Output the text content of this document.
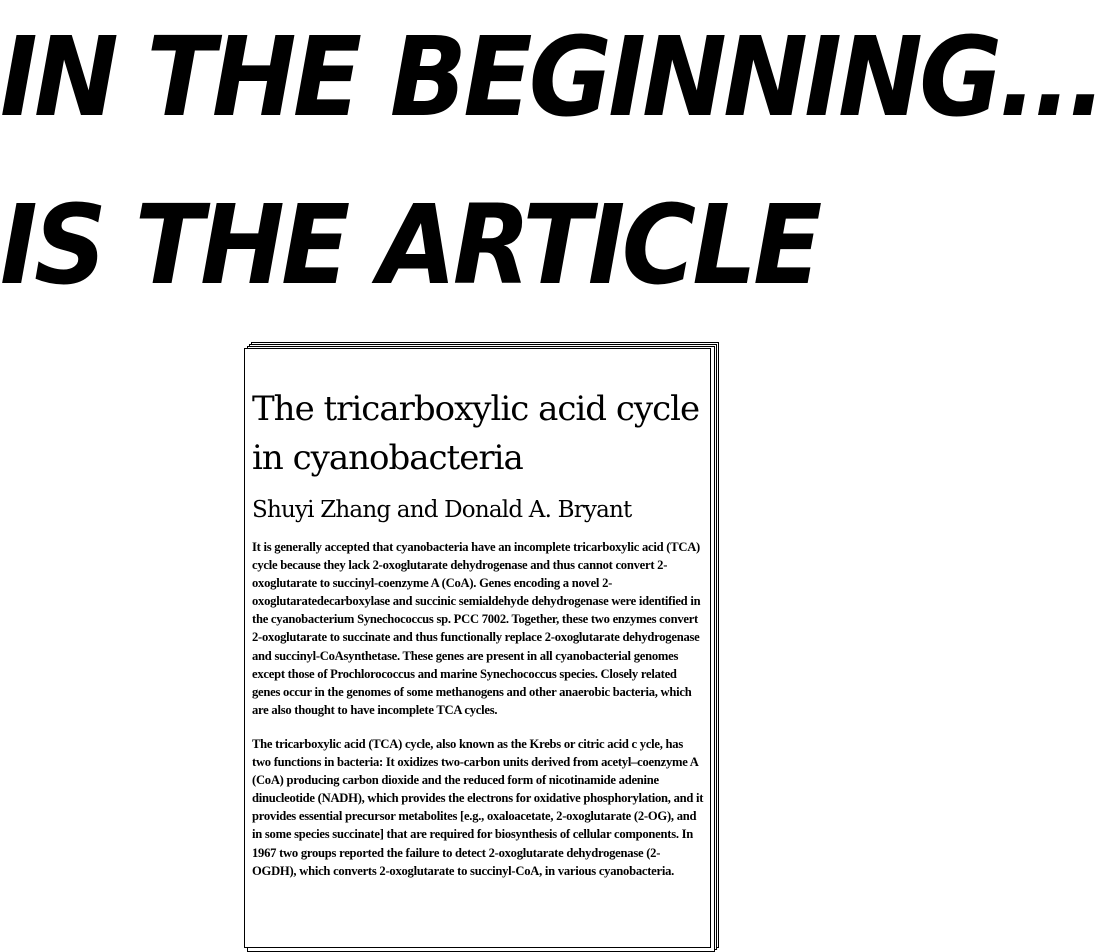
IN THE BEGINNING...
IS THE ARTICLE
The tricarboxylic acid cycle in cyanobacteria
Shuyi Zhang and Donald A. Bryant

It is generally accepted that cyanobacteria have an incomplete tricarboxylic acid (TCA) cycle because they lack 2-oxoglutarate dehydrogenase and thus cannot convert 2-oxoglutarate to succinyl-coenzyme A (CoA). Genes encoding a novel 2-oxoglutaratedecarboxylase and succinic semialdehyde dehydrogenase were identified in the cyanobacterium Synechococcus sp. PCC 7002. Together, these two enzymes convert 2-oxoglutarate to succinate and thus functionally replace 2-oxoglutarate dehydrogenase and succinyl-CoAsynthetase. These genes are present in all cyanobacterial genomes except those of Prochlorococcus and marine Synechococcus species. Closely related genes occur in the genomes of some methanogens and other anaerobic bacteria, which are also thought to have incomplete TCA cycles.

The tricarboxylic acid (TCA) cycle, also known as the Krebs or citric acid c ycle, has two functions in bacteria: It oxidizes two-carbon units derived from acetyl–coenzyme A (CoA) producing carbon dioxide and the reduced form of nicotinamide adenine dinucleotide (NADH), which provides the electrons for oxidative phosphorylation, and it provides essential precursor metabolites [e.g., oxaloacetate, 2-oxoglutarate (2-OG), and in some species succinate] that are required for biosynthesis of cellular components. In 1967 two groups reported the failure to detect 2-oxoglutarate dehydrogenase (2-OGDH), which converts 2-oxoglutarate to succinyl-CoA, in various cyanobacteria.
